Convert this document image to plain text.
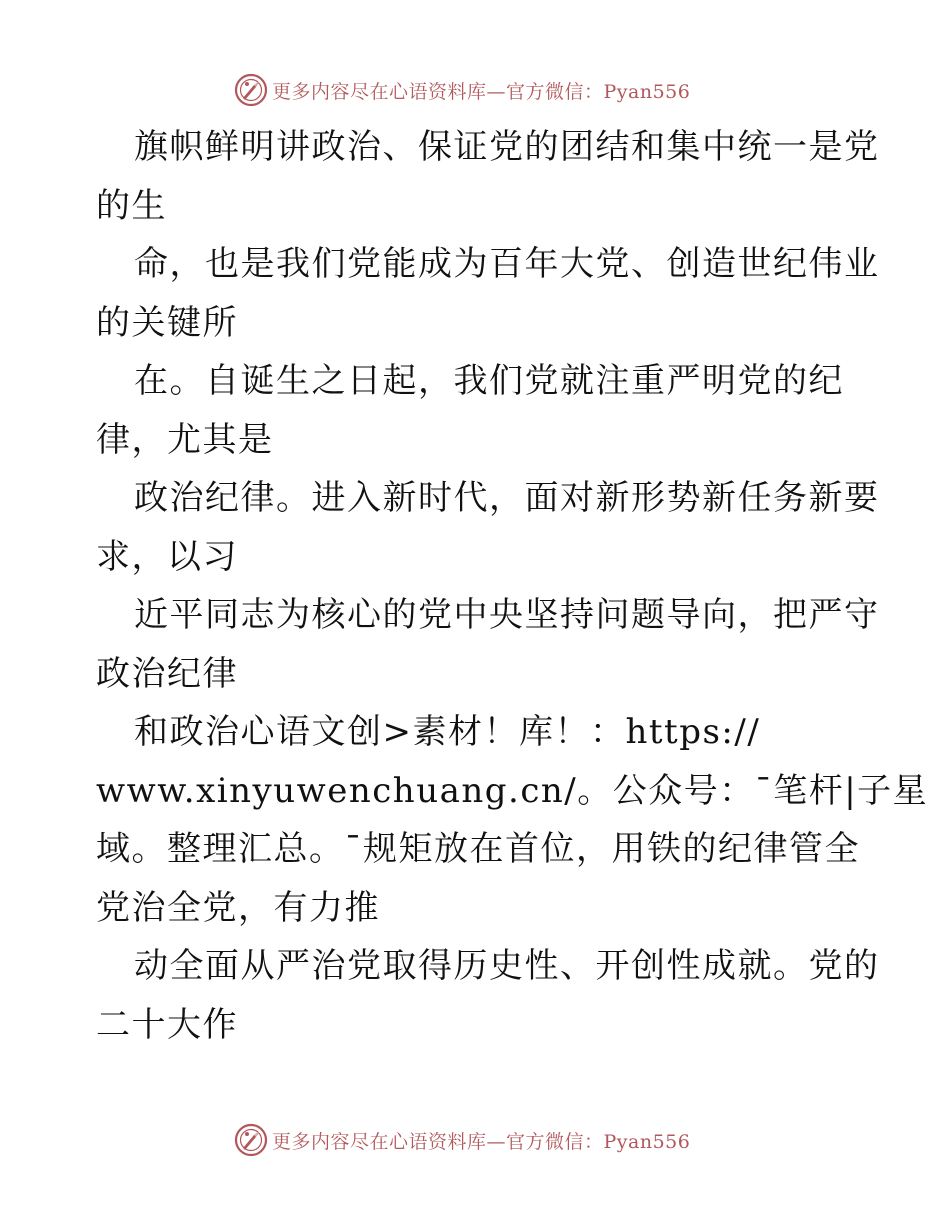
更多内容尽在心语资料库—官方微信：Pyan556
旗帜鲜明讲政治、保证党的团结和集中统一是党
的生
命，也是我们党能成为百年大党、创造世纪伟业
的关键所
在。自诞生之日起，我们党就注重严明党的纪
律，尤其是
政治纪律。进入新时代，面对新形势新任务新要
求，以习
近平同志为核心的党中央坚持问题导向，把严守
政治纪律
和政治心语文创>素材！库！：https://
www.xinyuwenchuang.cn/。公众号：¯笔杆|子星
域。整理汇总。¯规矩放在首位，用铁的纪律管全
党治全党，有力推
动全面从严治党取得历史性、开创性成就。党的
二十大作
更多内容尽在心语资料库—官方微信：Pyan556
